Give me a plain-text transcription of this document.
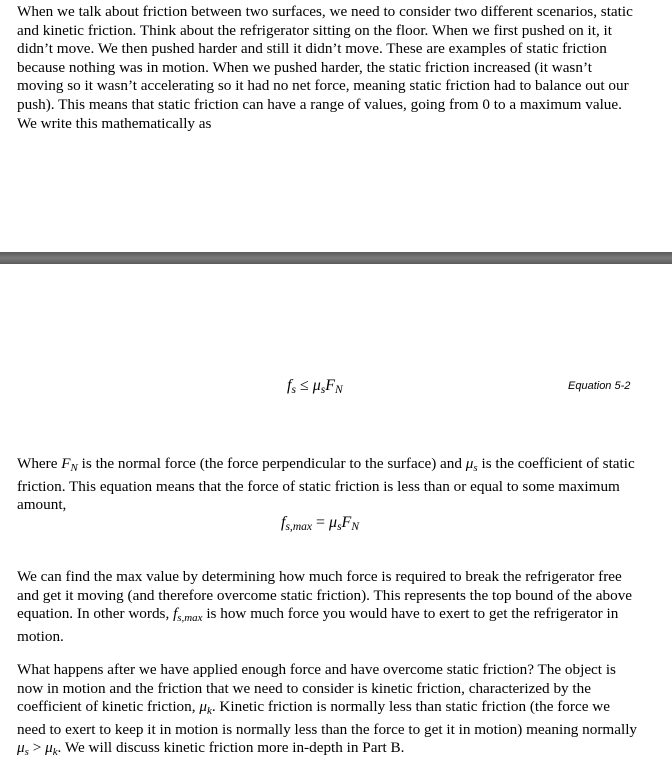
When we talk about friction between two surfaces, we need to consider two different scenarios, static and kinetic friction. Think about the refrigerator sitting on the floor. When we first pushed on it, it didn’t move. We then pushed harder and still it didn’t move. These are examples of static friction because nothing was in motion. When we pushed harder, the static friction increased (it wasn’t moving so it wasn’t accelerating so it had no net force, meaning static friction had to balance out our push). This means that static friction can have a range of values, going from 0 to a maximum value. We write this mathematically as

$f_s \le \mu_sF_N$	Equation 5-2

Where $F_N$ is the normal force (the force perpendicular to the surface) and $\mu_s$ is the coefficient of static friction. This equation means that the force of static friction is less than or equal to some maximum amount,

$f_{s,max} = \mu_sF_N$

We can find the max value by determining how much force is required to break the refrigerator free and get it moving (and therefore overcome static friction). This represents the top bound of the above equation. In other words, $f_{s,max}$ is how much force you would have to exert to get the refrigerator in motion.

What happens after we have applied enough force and have overcome static friction? The object is now in motion and the friction that we need to consider is kinetic friction, characterized by the coefficient of kinetic friction, $\mu_k$. Kinetic friction is normally less than static friction (the force we need to exert to keep it in motion is normally less than the force to get it in motion) meaning normally $\mu_s > \mu_k$. We will discuss kinetic friction more in-depth in Part B.
